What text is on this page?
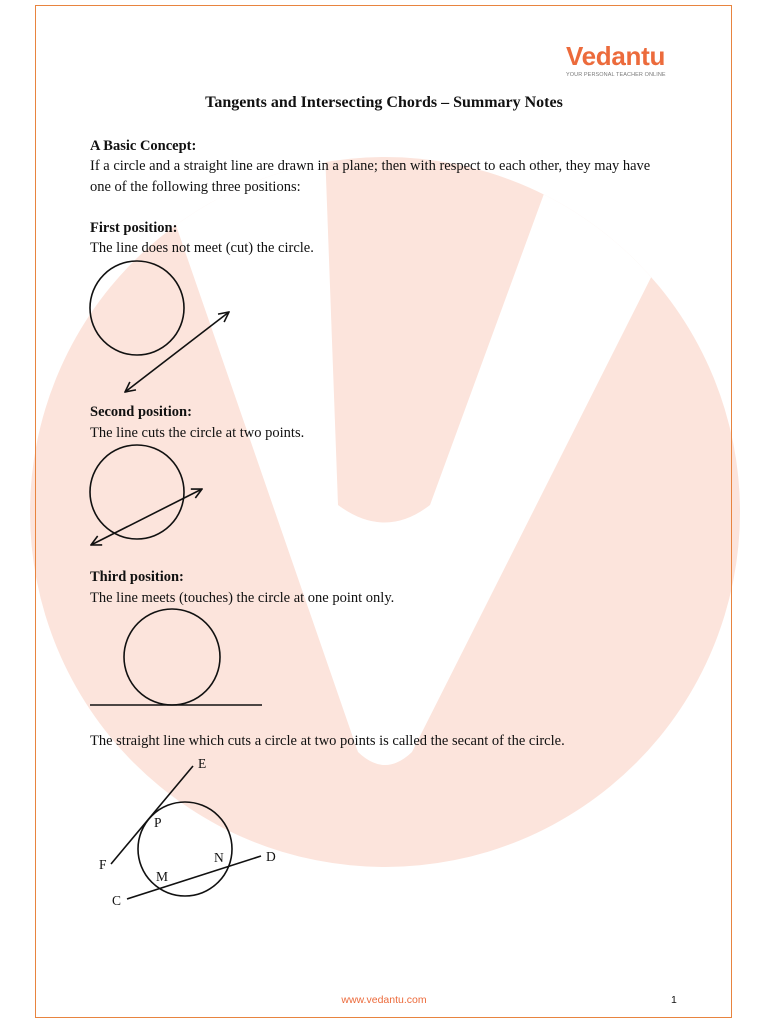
Vedantu
YOUR PERSONAL TEACHER ONLINE
Tangents and Intersecting Chords – Summary Notes
A Basic Concept:
If a circle and a straight line are drawn in a plane; then with respect to each other, they may have
one of the following three positions:
First position:
The line does not meet (cut) the circle.
Second position:
The line cuts the circle at two points.
Third position:
The line meets (touches) the circle at one point only.
The straight line which cuts a circle at two points is called the secant of the circle.
E
P
F	N	D
M
C
www.vedantu.com	1
